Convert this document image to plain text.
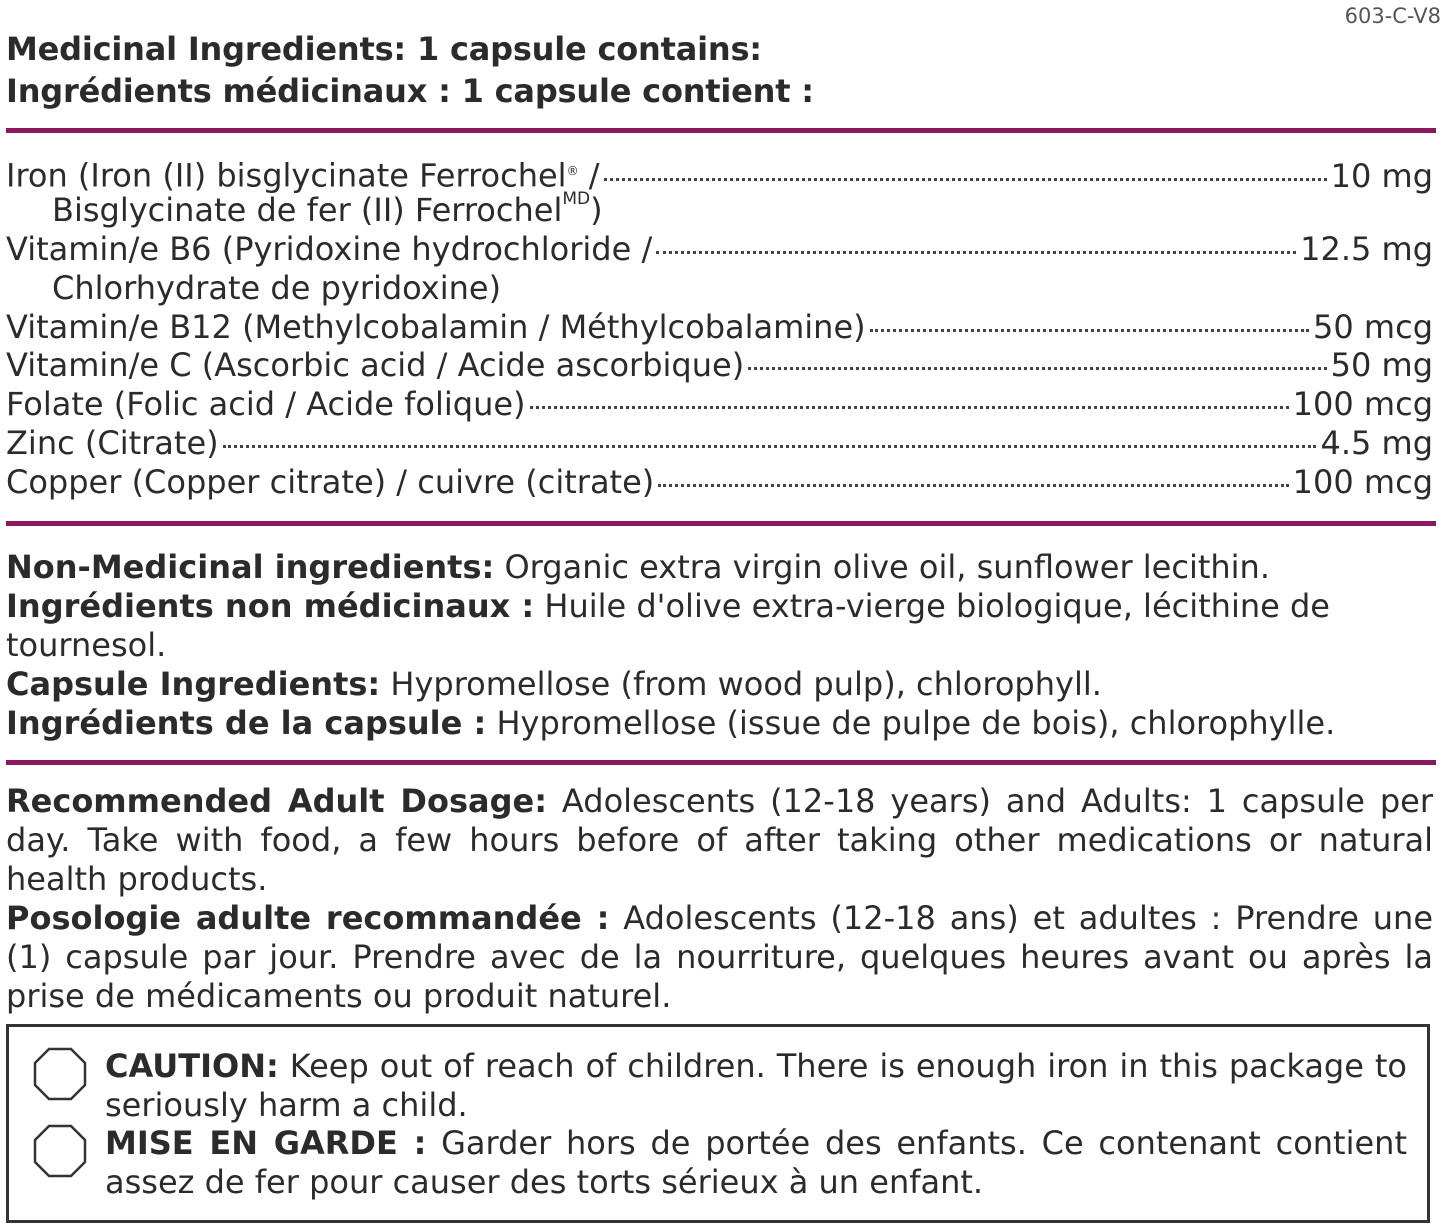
603-C-V8
Medicinal Ingredients: 1 capsule contains:
Ingrédients médicinaux : 1 capsule contient :
Iron (Iron (II) bisglycinate Ferrochel® /	10 mg
Bisglycinate de fer (II) Ferrochel$^{MD}$)
Vitamin/e B6 (Pyridoxine hydrochloride /	12.5 mg
Chlorhydrate de pyridoxine)
Vitamin/e B12 (Methylcobalamin / Méthylcobalamine)	50 mcg
Vitamin/e C (Ascorbic acid / Acide ascorbique)	50 mg
Folate (Folic acid / Acide folique)	100 mcg
Zinc (Citrate)	4.5 mg
Copper (Copper citrate) / cuivre (citrate)	100 mcg
Non-Medicinal ingredients: Organic extra virgin olive oil, sunflower lecithin.
Ingrédients non médicinaux : Huile d'olive extra-vierge biologique, lécithine de tournesol.
Capsule Ingredients: Hypromellose (from wood pulp), chlorophyll.
Ingrédients de la capsule : Hypromellose (issue de pulpe de bois), chlorophylle.
Recommended Adult Dosage: Adolescents (12-18 years) and Adults: 1 capsule per day. Take with food, a few hours before of after taking other medications or natural health products.
Posologie adulte recommandée : Adolescents (12-18 ans) et adultes : Prendre une (1) capsule par jour. Prendre avec de la nourriture, quelques heures avant ou après la prise de médicaments ou produit naturel.
CAUTION: Keep out of reach of children. There is enough iron in this package to seriously harm a child.
MISE EN GARDE : Garder hors de portée des enfants. Ce contenant contient assez de fer pour causer des torts sérieux à un enfant.
